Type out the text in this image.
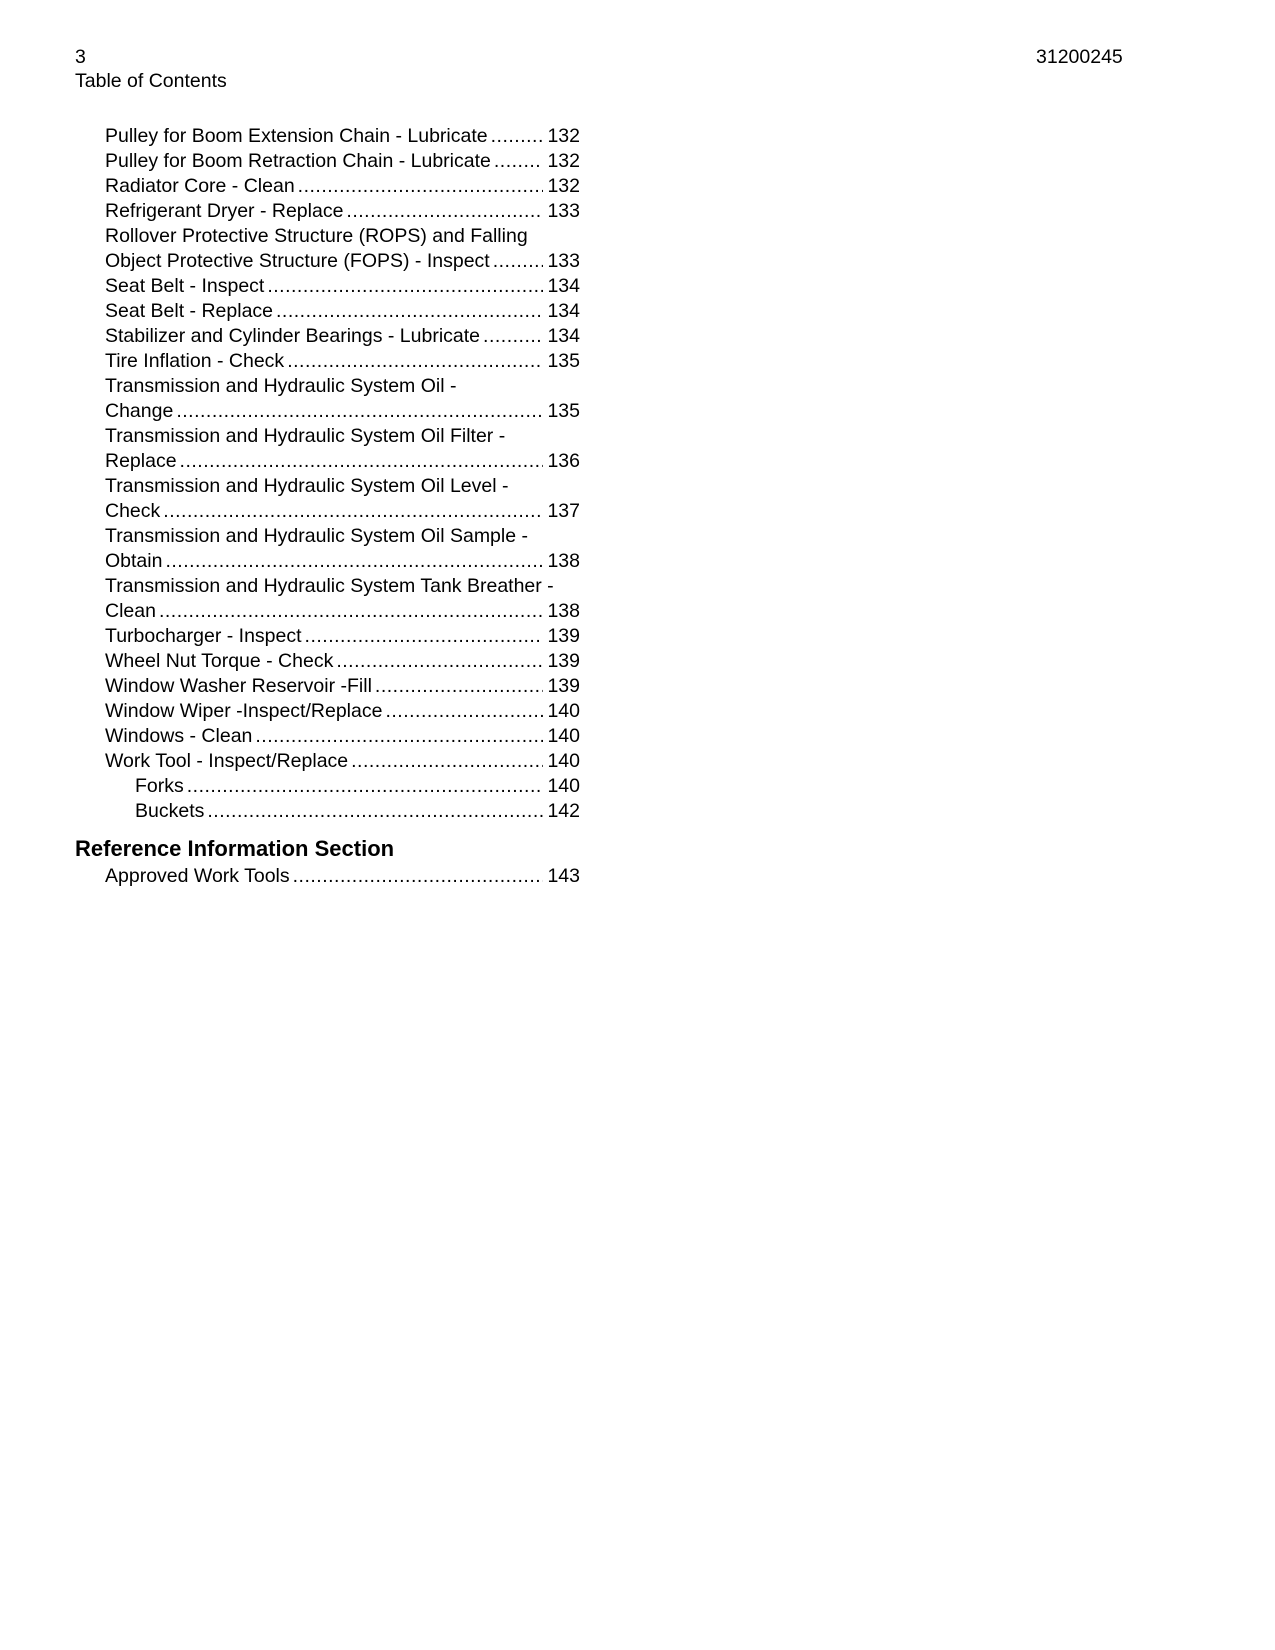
3	31200245
Table of Contents
Pulley for Boom Extension Chain - Lubricate .....	132
Pulley for Boom Retraction Chain - Lubricate .....	132
Radiator Core - Clean .....	132
Refrigerant Dryer - Replace .....	133
Rollover Protective Structure (ROPS) and Falling
Object Protective Structure (FOPS) - Inspect .....	133
Seat Belt - Inspect .....	134
Seat Belt - Replace .....	134
Stabilizer and Cylinder Bearings - Lubricate .....	134
Tire Inflation - Check .....	135
Transmission and Hydraulic System Oil -
Change .....	135
Transmission and Hydraulic System Oil Filter -
Replace .....	136
Transmission and Hydraulic System Oil Level -
Check .....	137
Transmission and Hydraulic System Oil Sample -
Obtain .....	138
Transmission and Hydraulic System Tank Breather -
Clean .....	138
Turbocharger - Inspect .....	139
Wheel Nut Torque - Check .....	139
Window Washer Reservoir -Fill .....	139
Window Wiper -Inspect/Replace .....	140
Windows - Clean .....	140
Work Tool - Inspect/Replace .....	140
Forks .....	140
Buckets .....	142
Reference Information Section
Approved Work Tools .....	143
